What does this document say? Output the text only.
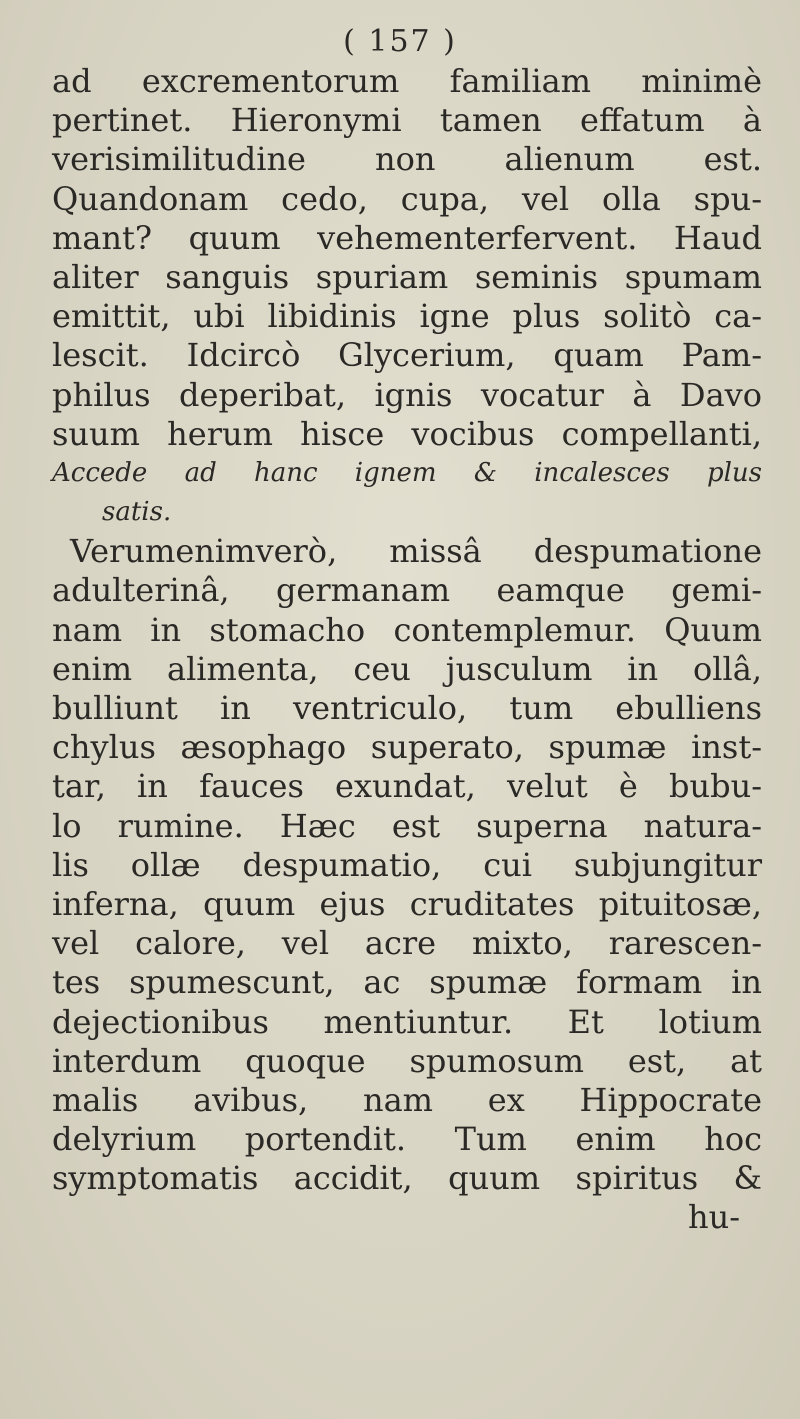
( 157 )
ad excrementorum familiam minimè
pertinet. Hieronymi tamen effatum à
verisimilitudine non alienum est.
Quandonam cedo, cupa, vel olla spu-
mant? quum vehementerfervent. Haud
aliter sanguis spuriam seminis spumam
emittit, ubi libidinis igne plus solitò ca-
lescit. Idcircò Glycerium, quam Pam-
philus deperibat, ignis vocatur à Davo
suum herum hisce vocibus compellanti,
Accede ad hanc ignem & incalesces plus
satis.
Verumenimverò, missâ despumatione
adulterinâ, germanam eamque gemi-
nam in stomacho contemplemur. Quum
enim alimenta, ceu jusculum in ollâ,
bulliunt in ventriculo, tum ebulliens
chylus æsophago superato, spumæ inst-
tar, in fauces exundat, velut è bubu-
lo rumine. Hæc est superna natura-
lis ollæ despumatio, cui subjungitur
inferna, quum ejus cruditates pituitosæ,
vel calore, vel acre mixto, rarescen-
tes spumescunt, ac spumæ formam in
dejectionibus mentiuntur. Et lotium
interdum quoque spumosum est, at
malis avibus, nam ex Hippocrate
delyrium portendit. Tum enim hoc
symptomatis accidit, quum spiritus &
hu-
